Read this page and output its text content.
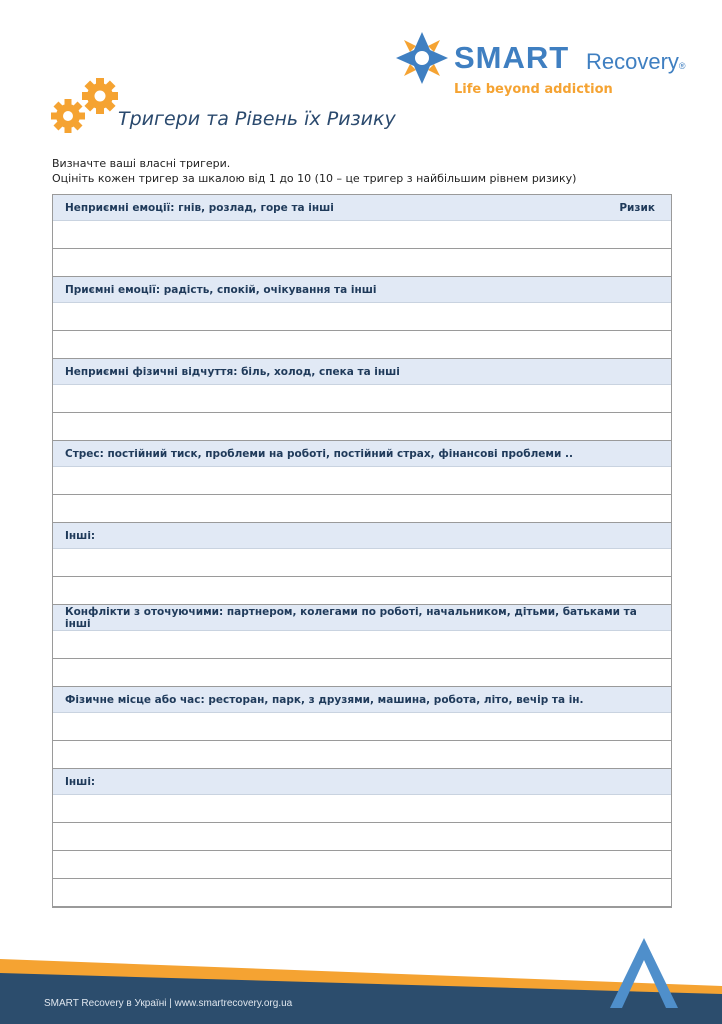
SMART Recovery®
Life beyond addiction
Тригери та Рівень їх Ризику
Визначте ваші власні тригери.
Оцініть кожен тригер за шкалою від 1 до 10 (10 – це тригер з найбільшим рівнем ризику)
Неприємні емоції: гнів, розлад, горе та інші	Ризик
Приємні емоції: радість, спокій, очікування та інші
Неприємні фізичні відчуття: біль, холод, спека та інші
Стрес: постійний тиск, проблеми на роботі, постійний страх, фінансові проблеми ..
Інші:
Конфлікти з оточуючими: партнером, колегами по роботі, начальником, дітьми, батьками та інші
Фізичне місце або час: ресторан, парк, з друзями, машина, робота, літо, вечір та ін.
Інші:
SMART Recovery в Україні | www.smartrecovery.org.ua
